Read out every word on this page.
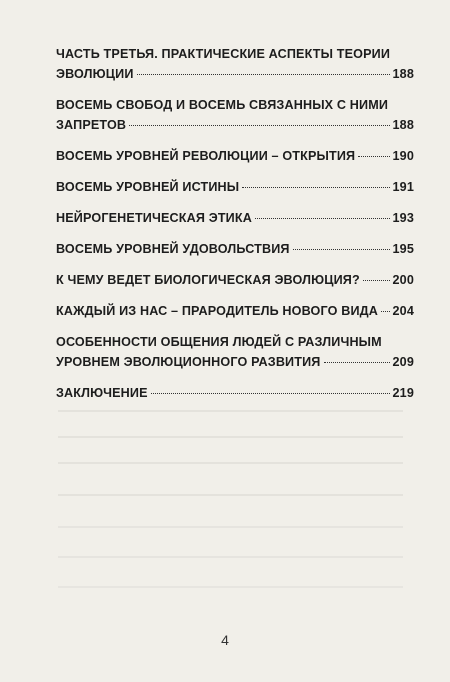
ЧАСТЬ ТРЕТЬЯ. ПРАКТИЧЕСКИЕ АСПЕКТЫ ТЕОРИИ
ЭВОЛЮЦИИ	188
ВОСЕМЬ СВОБОД И ВОСЕМЬ СВЯЗАННЫХ С НИМИ
ЗАПРЕТОВ	188
ВОСЕМЬ УРОВНЕЙ РЕВОЛЮЦИИ – ОТКРЫТИЯ	190
ВОСЕМЬ УРОВНЕЙ ИСТИНЫ	191
НЕЙРОГЕНЕТИЧЕСКАЯ ЭТИКА	193
ВОСЕМЬ УРОВНЕЙ УДОВОЛЬСТВИЯ	195
К ЧЕМУ ВЕДЕТ БИОЛОГИЧЕСКАЯ ЭВОЛЮЦИЯ?	200
КАЖДЫЙ ИЗ НАС – ПРАРОДИТЕЛЬ НОВОГО ВИДА 204
ОСОБЕННОСТИ ОБЩЕНИЯ ЛЮДЕЙ С РАЗЛИЧНЫМ
УРОВНЕМ ЭВОЛЮЦИОННОГО РАЗВИТИЯ	209
ЗАКЛЮЧЕНИЕ	219
4
